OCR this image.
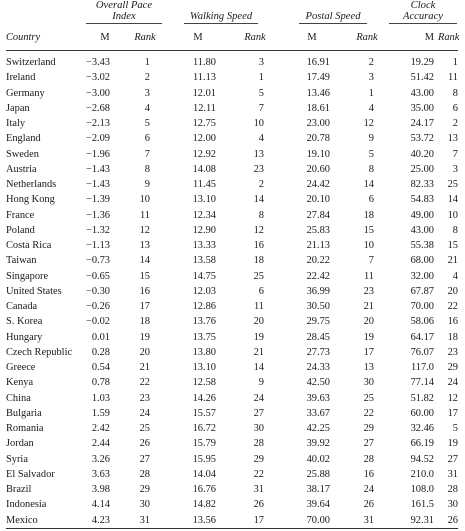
	Overall Pace Index		Walking Speed		Postal Speed		Clock Accuracy	
Country	M	Rank	M	Rank	M	Rank	M	Rank
Switzerland	−3.43	1	11.80	3	16.91	2	19.29	1
Ireland	−3.02	2	11.13	1	17.49	3	51.42	11
Germany	−3.00	3	12.01	5	13.46	1	43.00	8
Japan	−2.68	4	12.11	7	18.61	4	35.00	6
Italy	−2.13	5	12.75	10	23.00	12	24.17	2
England	−2.09	6	12.00	4	20.78	9	53.72	13
Sweden	−1.96	7	12.92	13	19.10	5	40.20	7
Austria	−1.43	8	14.08	23	20.60	8	25.00	3
Netherlands	−1.43	9	11.45	2	24.42	14	82.33	25
Hong Kong	−1.39	10	13.10	14	20.10	6	54.83	14
France	−1.36	11	12.34	8	27.84	18	49.00	10
Poland	−1.32	12	12.90	12	25.83	15	43.00	8
Costa Rica	−1.13	13	13.33	16	21.13	10	55.38	15
Taiwan	−0.73	14	13.58	18	20.22	7	68.00	21
Singapore	−0.65	15	14.75	25	22.42	11	32.00	4
United States	−0.30	16	12.03	6	36.99	23	67.87	20
Canada	−0.26	17	12.86	11	30.50	21	70.00	22
S. Korea	−0.02	18	13.76	20	29.75	20	58.06	16
Hungary	0.01	19	13.75	19	28.45	19	64.17	18
Czech Republic	0.28	20	13.80	21	27.73	17	76.07	23
Greece	0.54	21	13.10	14	24.33	13	117.0	29
Kenya	0.78	22	12.58	9	42.50	30	77.14	24
China	1.03	23	14.26	24	39.63	25	51.82	12
Bulgaria	1.59	24	15.57	27	33.67	22	60.00	17
Romania	2.42	25	16.72	30	42.25	29	32.46	5
Jordan	2.44	26	15.79	28	39.92	27	66.19	19
Syria	3.26	27	15.95	29	40.02	28	94.52	27
El Salvador	3.63	28	14.04	22	25.88	16	210.0	31
Brazil	3.98	29	16.76	31	38.17	24	108.0	28
Indonesia	4.14	30	14.82	26	39.64	26	161.5	30
Mexico	4.23	31	13.56	17	70.00	31	92.31	26
